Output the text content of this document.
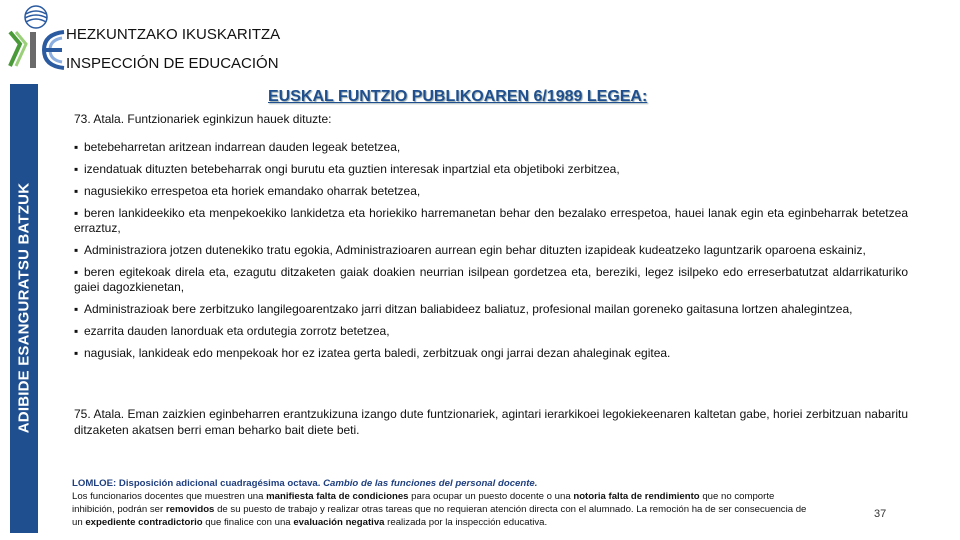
HEZKUNTZAKO IKUSKARITZA
INSPECCIÓN DE EDUCACIÓN
ADIBIDE ESANGURATSU BATZUK
EUSKAL FUNTZIO PUBLIKOAREN 6/1989 LEGEA:
73. Atala. Funtzionariek eginkizun hauek dituzte:
▪ betebeharretan aritzean indarrean dauden legeak betetzea,
▪ izendatuak dituzten betebeharrak ongi burutu eta guztien interesak inpartzial eta objetiboki zerbitzea,
▪ nagusiekiko errespetoa eta horiek emandako oharrak betetzea,
▪ beren lankideekiko eta menpekoekiko lankidetza eta horiekiko harremanetan behar den bezalako errespetoa, hauei lanak egin eta eginbeharrak betetzea erraztuz,
▪ Administraziora jotzen dutenekiko tratu egokia, Administrazioaren aurrean egin behar dituzten izapideak kudeatzeko laguntzarik oparoena eskainiz,
▪ beren egitekoak direla eta, ezagutu ditzaketen gaiak doakien neurrian isilpean gordetzea eta, bereziki, legez isilpeko edo erreserbatutzat aldarrikaturiko gaiei dagozkienetan,
▪ Administrazioak bere zerbitzuko langilegoarentzako jarri ditzan baliabideez baliatuz, profesional mailan goreneko gaitasuna lortzen ahalegintzea,
▪ ezarrita dauden lanorduak eta ordutegia zorrotz betetzea,
▪ nagusiak, lankideak edo menpekoak hor ez izatea gerta baledi, zerbitzuak ongi jarrai dezan ahaleginak egitea.
75. Atala. Eman zaizkien eginbeharren erantzukizuna izango dute funtzionariek, agintari ierarkikoei legokiekeenaren kaltetan gabe, horiei zerbitzuan nabaritu ditzaketen akatsen berri eman beharko bait diete beti.
LOMLOE: Disposición adicional cuadragésima octava. Cambio de las funciones del personal docente.
Los funcionarios docentes que muestren una manifiesta falta de condiciones para ocupar un puesto docente o una notoria falta de rendimiento que no comporte inhibición, podrán ser removidos de su puesto de trabajo y realizar otras tareas que no requieran atención directa con el alumnado. La remoción ha de ser consecuencia de un expediente contradictorio que finalice con una evaluación negativa realizada por la inspección educativa.
37
